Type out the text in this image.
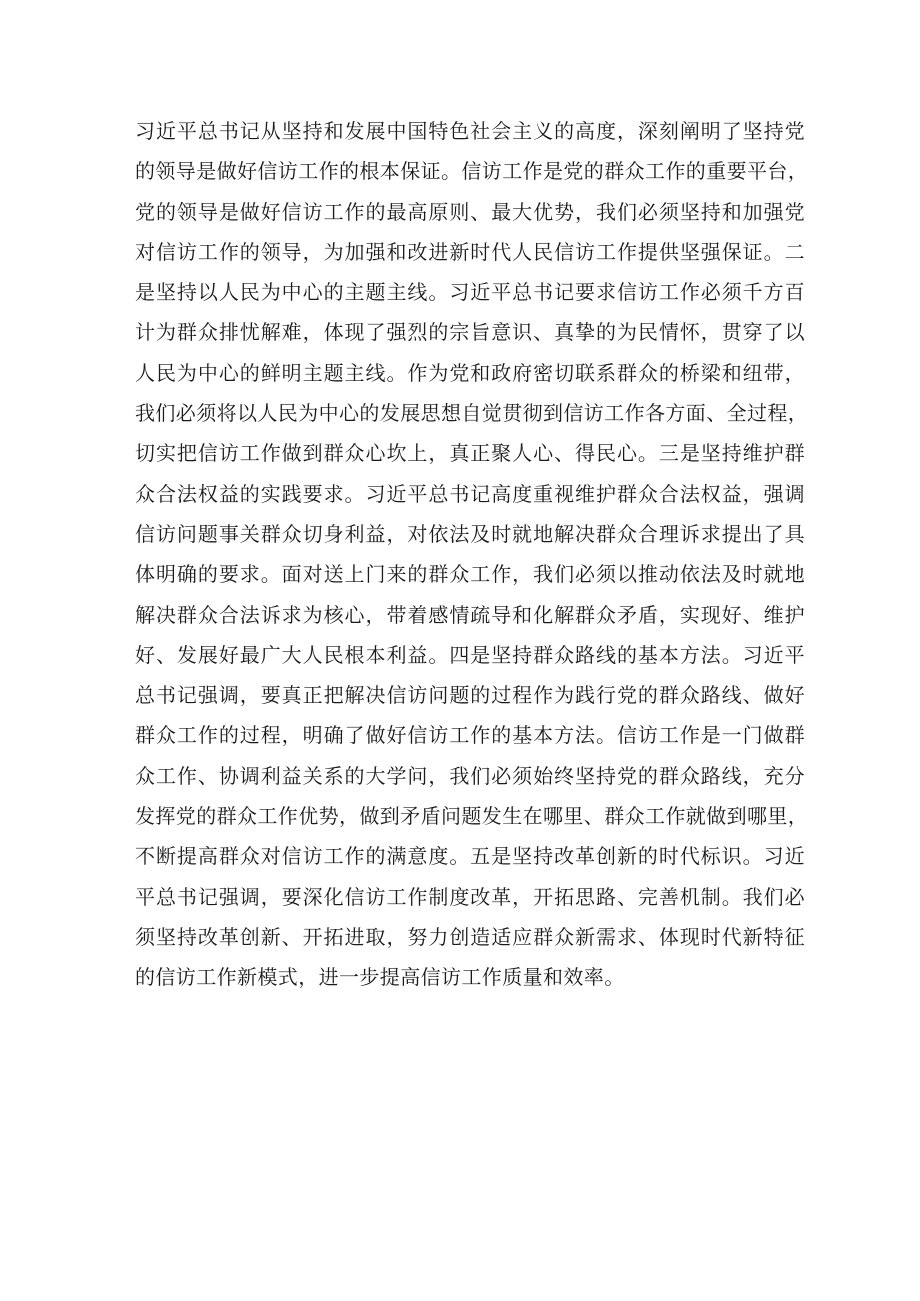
习近平总书记从坚持和发展中国特色社会主义的高度，深刻阐明了坚持党
的领导是做好信访工作的根本保证。信访工作是党的群众工作的重要平台，
党的领导是做好信访工作的最高原则、最大优势，我们必须坚持和加强党
对信访工作的领导，为加强和改进新时代人民信访工作提供坚强保证。二
是坚持以人民为中心的主题主线。习近平总书记要求信访工作必须千方百
计为群众排忧解难，体现了强烈的宗旨意识、真挚的为民情怀，贯穿了以
人民为中心的鲜明主题主线。作为党和政府密切联系群众的桥梁和纽带，
我们必须将以人民为中心的发展思想自觉贯彻到信访工作各方面、全过程，
切实把信访工作做到群众心坎上，真正聚人心、得民心。三是坚持维护群
众合法权益的实践要求。习近平总书记高度重视维护群众合法权益，强调
信访问题事关群众切身利益，对依法及时就地解决群众合理诉求提出了具
体明确的要求。面对送上门来的群众工作，我们必须以推动依法及时就地
解决群众合法诉求为核心，带着感情疏导和化解群众矛盾，实现好、维护
好、发展好最广大人民根本利益。四是坚持群众路线的基本方法。习近平
总书记强调，要真正把解决信访问题的过程作为践行党的群众路线、做好
群众工作的过程，明确了做好信访工作的基本方法。信访工作是一门做群
众工作、协调利益关系的大学问，我们必须始终坚持党的群众路线，充分
发挥党的群众工作优势，做到矛盾问题发生在哪里、群众工作就做到哪里，
不断提高群众对信访工作的满意度。五是坚持改革创新的时代标识。习近
平总书记强调，要深化信访工作制度改革，开拓思路、完善机制。我们必
须坚持改革创新、开拓进取，努力创造适应群众新需求、体现时代新特征
的信访工作新模式，进一步提高信访工作质量和效率。
